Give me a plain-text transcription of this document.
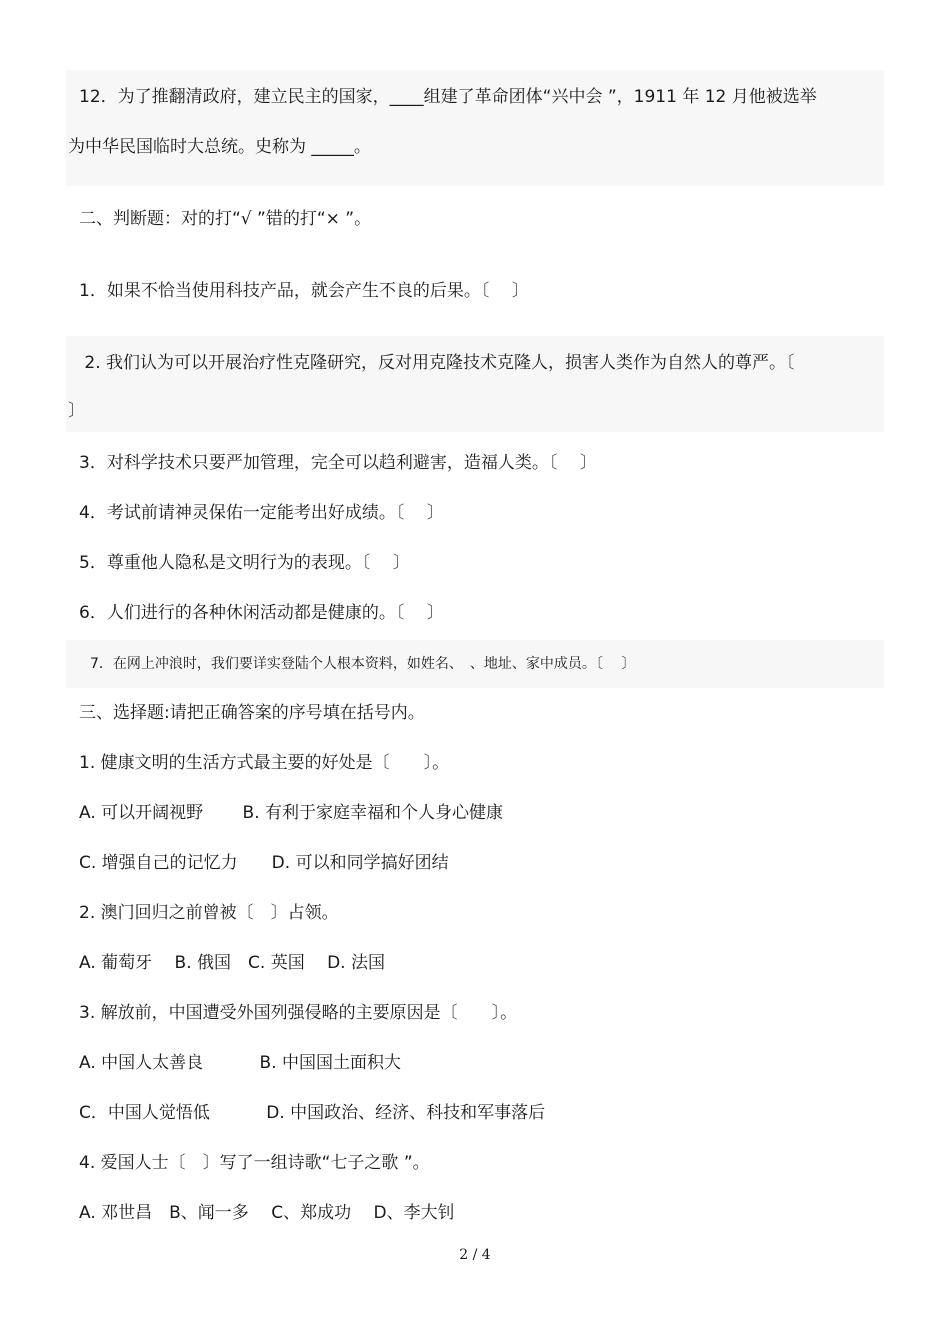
12．为了推翻清政府，建立民主的国家，____组建了革命团体“兴中会 ”，1911 年 12 月他被选举
为中华民国临时大总统。史称为 _____。
二、判断题：对的打“√ ”错的打“× ”。
1．如果不恰当使用科技产品，就会产生不良的后果。〔　 〕
2. 我们认为可以开展治疗性克隆研究，反对用克隆技术克隆人，损害人类作为自然人的尊严。〔
〕
3．对科学技术只要严加管理，完全可以趋利避害，造福人类。〔　 〕
4．考试前请神灵保佑一定能考出好成绩。〔　 〕
5．尊重他人隐私是文明行为的表现。〔　 〕
6．人们进行的各种休闲活动都是健康的。〔　 〕
7．在网上冲浪时，我们要详实登陆个人根本资料，如姓名、　、地址、家中成员。〔　 〕
三、选择题:请把正确答案的序号填在括号内。
1. 健康文明的生活方式最主要的好处是〔　　〕。
A. 可以开阔视野　　 B. 有利于家庭幸福和个人身心健康
C. 增强自己的记忆力　　D. 可以和同学搞好团结
2. 澳门回归之前曾被〔　〕占领。
A. 葡萄牙　 B. 俄国　C. 英国　 D. 法国
3. 解放前，中国遭受外国列强侵略的主要原因是〔　　〕。
A. 中国人太善良　　　 B. 中国国土面积大
C．中国人觉悟低　　　 D. 中国政治、经济、科技和军事落后
4. 爱国人士〔　〕写了一组诗歌“七子之歌 ”。
A. 邓世昌　B、闻一多　 C、郑成功　 D、李大钊
2 / 4
